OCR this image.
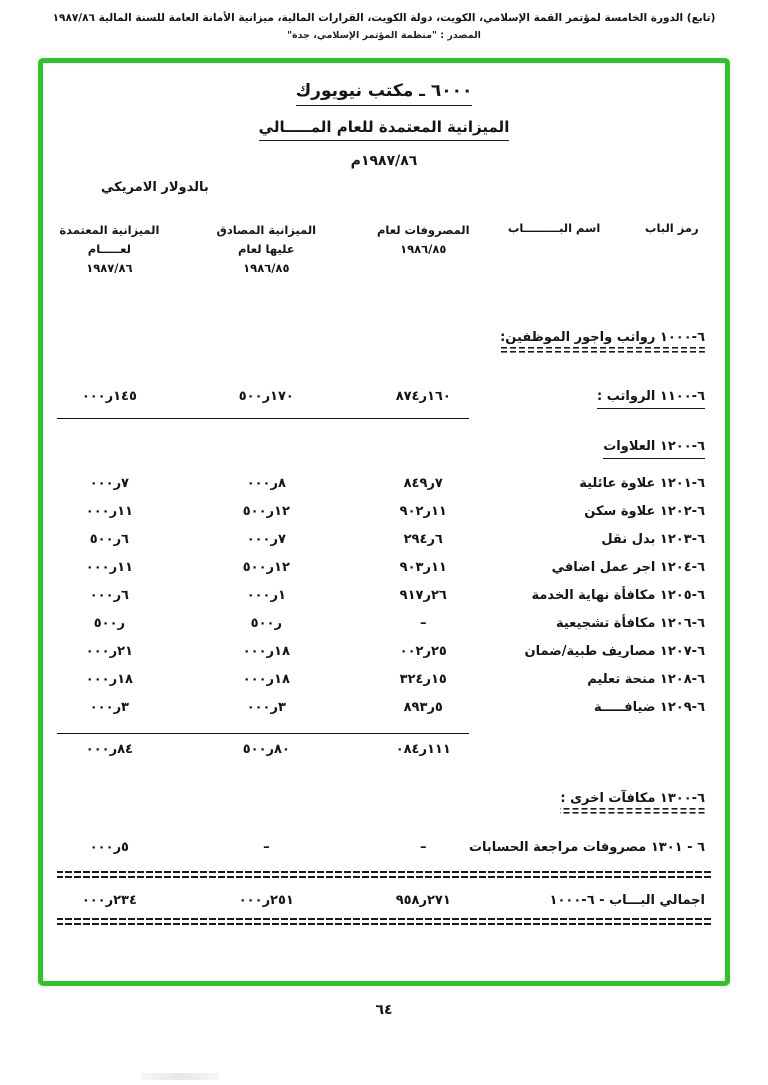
(تابع) الدورة الخامسة لمؤتمر القمة الإسلامي، الكويت، دولة الكويت، القرارات المالية، ميزانية الأمانة العامة للسنة المالية ١٩٨٧/٨٦
المصدر : "منظمة المؤتمر الإسلامي، جدة"
٦٠٠٠ ـ مكتب نيويورك
الميزانية المعتمدة للعام المـــــالي
١٩٨٧/٨٦م
بالدولار الامريكي
رمز الباب
اسم البـــــــــاب
المصروفات لعام
١٩٨٦/٨٥
الميزانية المصادق
عليها لعام ١٩٨٦/٨٥
الميزانية المعتمدة
لعـــــام
١٩٨٧/٨٦
٦-١٠٠٠ رواتب واجور الموظفين:
٦-١١٠٠ الرواتب :
١٦٠ر٨٧٤
١٧٠ر٥٠٠
١٤٥ر٠٠٠
٦-١٢٠٠ العلاوات
٦-١٢٠١ علاوة عائلية
٧ر٨٤٩
٨ر٠٠٠
٧ر٠٠٠
٦-١٢٠٢ علاوة سكن
١١ر٩٠٢
١٢ر٥٠٠
١١ر٠٠٠
٦-١٢٠٣ بدل نقل
٦ر٢٩٤
٧ر٠٠٠
٦ر٥٠٠
٦-١٢٠٤ اجر عمل اضافي
١١ر٩٠٣
١٢ر٥٠٠
١١ر٠٠٠
٦-١٢٠٥ مكافأة نهاية الخدمة
٢٦ر٩١٧
١ر٠٠٠
٦ر٠٠٠
٦-١٢٠٦ مكافأة تشجيعية
–
ر٥٠٠
ر٥٠٠
٦-١٢٠٧ مصاريف طبية/ضمان
٢٥ر٠٠٢
١٨ر٠٠٠
٢١ر٠٠٠
٦-١٢٠٨ منحة تعليم
١٥ر٣٢٤
١٨ر٠٠٠
١٨ر٠٠٠
٦-١٢٠٩ ضيافـــــة
٥ر٨٩٣
٣ر٠٠٠
٣ر٠٠٠
١١١ر٠٨٤
٨٠ر٥٠٠
٨٤ر٠٠٠
٦-١٣٠٠ مكافآت اخرى :
٦ - ١٣٠١ مصروفات مراجعة الحسابات
–
–
٥ر٠٠٠
اجمالي البـــاب - ٦-١٠٠٠
٢٧١ر٩٥٨
٢٥١ر٠٠٠
٢٣٤ر٠٠٠
٦٤
